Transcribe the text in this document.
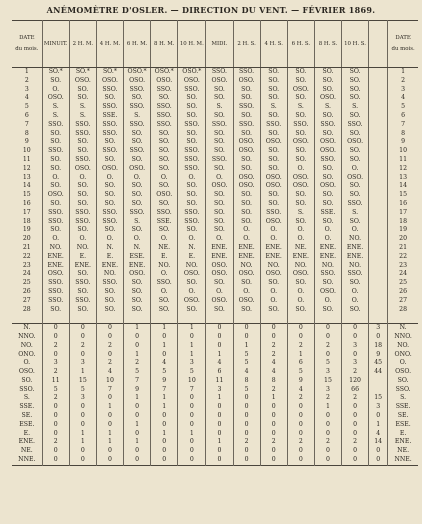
ANÉMOMÈTRE D'OSLER. — DIRECTION DU VENT. — FÉVRIER 1869.
DATE
du mois.	MINUIT.	2 H. M.	4 H. M.	6 H. M.	8 H. M.	10 H. M.	MIDI.	2 H. S.	4 H. S.	6 H. S.	8 H. S.	10 H. S.		DATE
du mois.
1	SO.*	SO.*	SO.*	OSO.*	OSO.*	OSO.*	SSO.	SSO.	SO.	SO.	SO.	SO.		1
2	SO.	OSO.	OSO.	OSO.	OSO.	OSO.	OSO.	OSO.	SO.	SO.	SO.	SO.		2
3	O.	SO.	SSO.	SSO.	SSO.	SSO.	SO.	SO.	SO.	OSO.	SO.	SO.		3
4	OSO.	SO.	SO.	SO.	SO.	SO.	SO.	SO.	SO.	SO.	OSO.	SO.		4
5	S.	S.	SSO.	SSO.	SSO.	SO.	S.	SSO.	S.	S.	S.	S.		5
6	S.	S.	SSE.	S.	SSO.	SO.	SO.	SO.	SO.	SO.	SO.	SO.		6
7	SSO.	SSO.	SSO.	SSO.	SSO.	SSO.	SSO.	SSO.	SSO.	SSO.	SSO.	SSO.		7
8	SO.	SSO.	SSO.	SO.	SO.	SO.	SO.	SO.	SO.	SO.	SO.	SO.		8
9	SO.	SO.	SO.	SO.	SO.	SO.	SO.	OSO.	OSO.	OSO.	OSO.	OSO.		9
10	SSO.	SO.	SSO.	SSO.	SO.	SSO.	SO.	OSO.	SO.	SO.	OSO.	SO.		10
11	SO.	SSO.	SO.	SO.	SO.	SSO.	SSO.	SO.	SO.	SO.	SSO.	SO.		11
12	SO.	OSO.	OSO.	OSO.	SO.	SSO.	SO.	SO.	SO.	O.	SO.	O.		12
13	O.	O.	O.	O.	O.	O.	O.	OSO.	OSO.	OSO.	SO.	OSO.		13
14	SO.	SO.	SO.	SO.	SO.	SO.	OSO.	OSO.	OSO.	OSO.	OSO.	SO.		14
15	OSO.	SO.	SO.	SO.	OSO.	SO.	SO.	SO.	SO.	SO.	SO.	SO.		15
16	SO.	SO.	SO.	SO.	SO.	SO.	SO.	SO.	SO.	SO.	SO.	SSO.		16
17	SSO.	SSO.	SSO.	SSO.	SSO.	SSO.	SO.	SO.	SSO.	S.	SSE.	S.		17
18	SSO.	SSO.	SSO.	S.	SSE.	SSO.	SO.	SO.	OSO.	SO.	SO.	SO.		18
19	SO.	SO.	SO.	SO.	SO.	SO.	SO.	O.	O.	O.	O.	O.		19
20	O.	O.	O.	O.	O.	O.	O.	O.	O.	O.	O.	NO.		20
21	NO.	NO.	N.	N.	NE.	N.	ENE.	ENE.	ENE.	NE.	ENE.	ENE.		21
22	ENE.	E.	E.	ESE.	E.	E.	ENE.	ENE.	ENE.	ENE.	ENE.	ENE.		22
23	ENE.	ENE.	ENE.	ENE.	NO.	NO.	OSO.	NO.	NO.	NO.	NO.	NO.		23
24	OSO.	SO.	NO.	OSO.	O.	OSO.	OSO.	OSO.	OSO.	OSO.	SSO.	SSO.		24
25	SSO.	SSO.	SSO.	SO.	SSO.	SO.	SO.	SO.	SO.	SO.	SO.	SO.		25
26	SSO.	SO.	SO.	SO.	O.	O.	O.	O.	O.	O.	OSO.	O.		26
27	SSO.	SSO.	SO.	SO.	SO.	OSO.	OSO.	OSO.	O.	O.	O.	O.		27
28	SO.	SO.	SO.	SO.	SO.	SO.	SO.	SO.	SO.	SO.	SO.	SO.		28

N.	0	0	0	1	1	1	0	0	0	0	0	0	3	N.
NNO.	0	0	0	0	0	0	0	0	0	0	0	0	0	NNO.
NO.	2	2	2	0	1	1	0	1	2	2	2	3	18	NO.
ONO.	0	0	0	1	0	1	1	5	2	1	0	0	9	ONO.
O.	3	3	2	2	4	3	4	5	4	6	5	3	45	O.
OSO.	2	1	4	5	5	5	6	4	4	5	3	2	44	OSO.
SO.	11	15	10	7	9	10	11	8	8	9	15	120		SO.
SSO.	5	5	7	9	7	7	3	5	2	4	3	66		SSO.
S.	2	3	0	1	1	0	1	0	1	2	2	2	15	S.
SSE.	0	0	1	0	1	0	0	0	0	0	1	0	3	SSE.
SE.	0	0	0	0	0	0	0	0	0	0	0	0	0	SE.
ESE.	0	0	0	1	0	0	0	0	0	0	0	0	1	ESE.
E.	0	1	1	0	1	1	0	0	0	0	0	0	4	E.
ENE.	2	1	1	1	0	0	1	2	2	2	2	2	14	ENE.
NE.	0	0	0	0	0	0	0	0	0	0	0	0	0	NE.
NNE.	0	0	0	0	0	0	0	0	0	0	0	0	0	NNE.
